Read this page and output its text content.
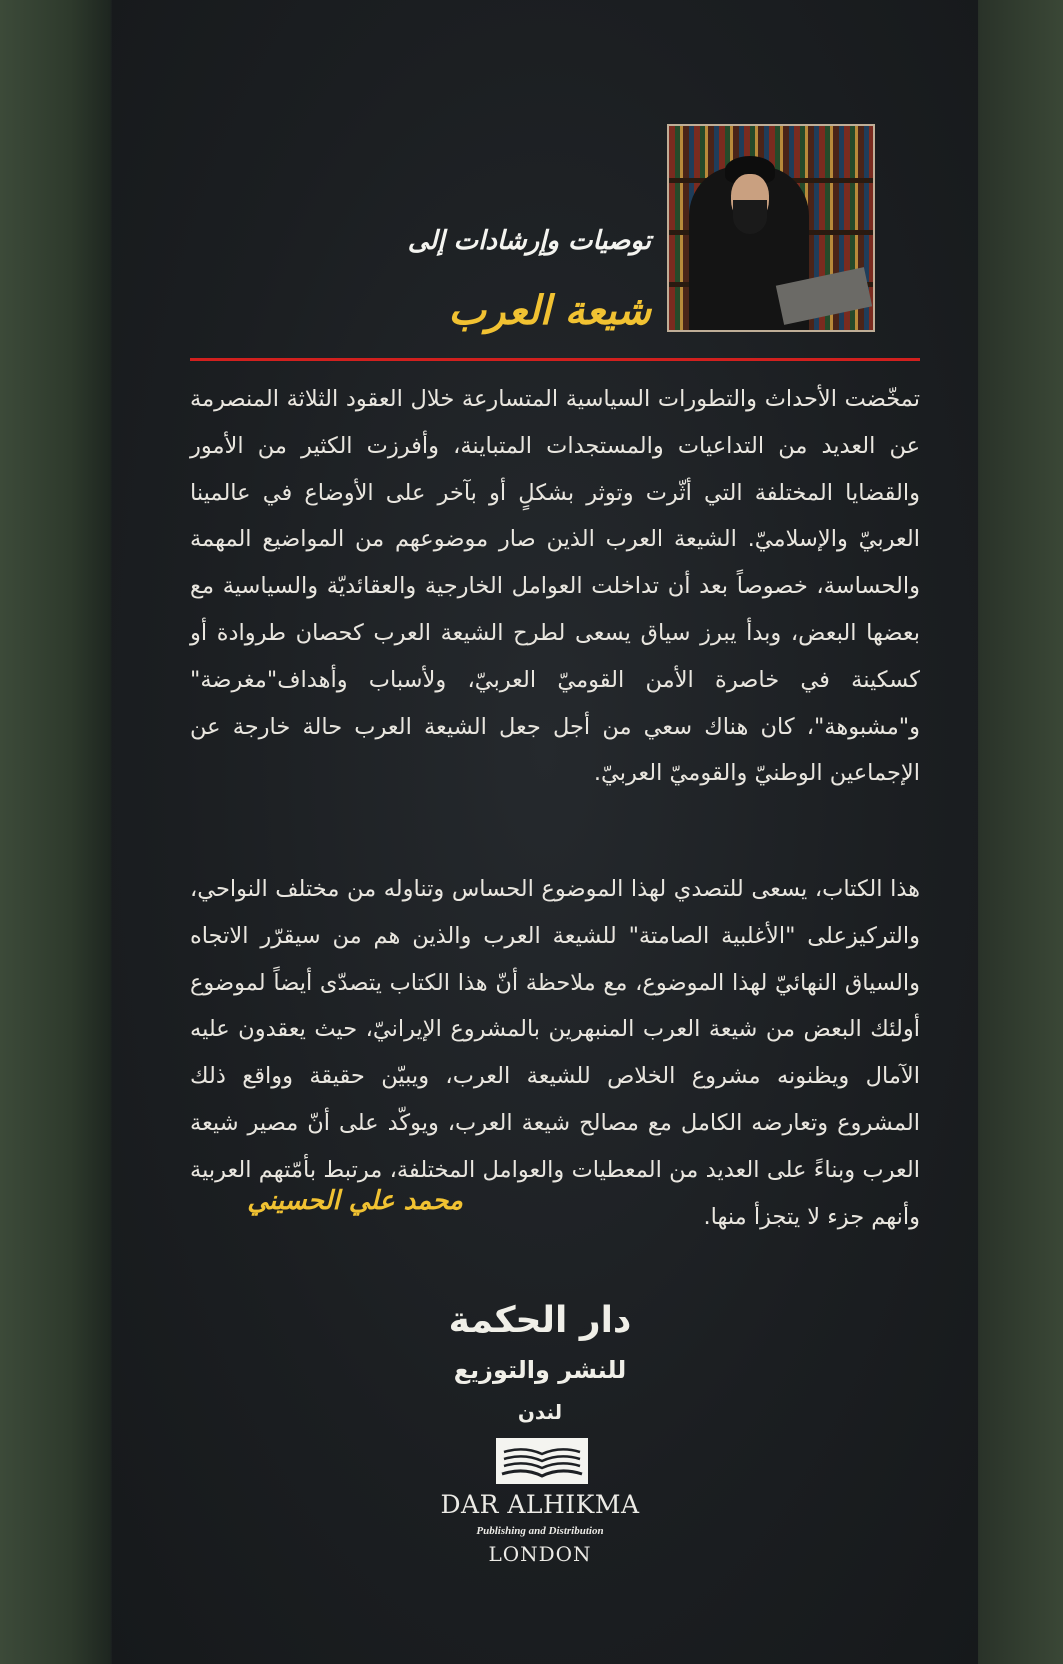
توصيات وإرشادات إلى
شيعة العرب
تمخّضت الأحداث والتطورات السياسية المتسارعة خلال العقود الثلاثة المنصرمة عن العديد من التداعيات والمستجدات المتباينة، وأفرزت الكثير من الأمور والقضايا المختلفة التي أثّرت وتوثر بشكلٍ أو بآخر على الأوضاع في عالمينا العربيّ والإسلاميّ. الشيعة العرب الذين صار موضوعهم من المواضيع المهمة والحساسة، خصوصاً بعد أن تداخلت العوامل الخارجية والعقائديّة والسياسية مع بعضها البعض، وبدأ يبرز سياق يسعى لطرح الشيعة العرب كحصان طروادة أو كسكينة في خاصرة الأمن القوميّ العربيّ، ولأسباب وأهداف"مغرضة" و"مشبوهة"، كان هناك سعي من أجل جعل الشيعة العرب حالة خارجة عن الإجماعين الوطنيّ والقوميّ العربيّ.
هذا الكتاب، يسعى للتصدي لهذا الموضوع الحساس وتناوله من مختلف النواحي، والتركيزعلى "الأغلبية الصامتة" للشيعة العرب والذين هم من سيقرّر الاتجاه والسياق النهائيّ لهذا الموضوع، مع ملاحظة أنّ هذا الكتاب يتصدّى أيضاً لموضوع أولئك البعض من شيعة العرب المنبهرين بالمشروع الإيرانيّ، حيث يعقدون عليه الآمال ويظنونه مشروع الخلاص للشيعة العرب، ويبيّن حقيقة وواقع ذلك المشروع وتعارضه الكامل مع مصالح شيعة العرب، ويوكّد على أنّ مصير شيعة العرب وبناءً على العديد من المعطيات والعوامل المختلفة، مرتبط بأمّتهم العربية وأنهم جزء لا يتجزأ منها.
محمد علي الحسيني
دار الحكمة
للنشر والتوزيع
لندن
DAR ALHIKMA
Publishing and Distribution
LONDON
